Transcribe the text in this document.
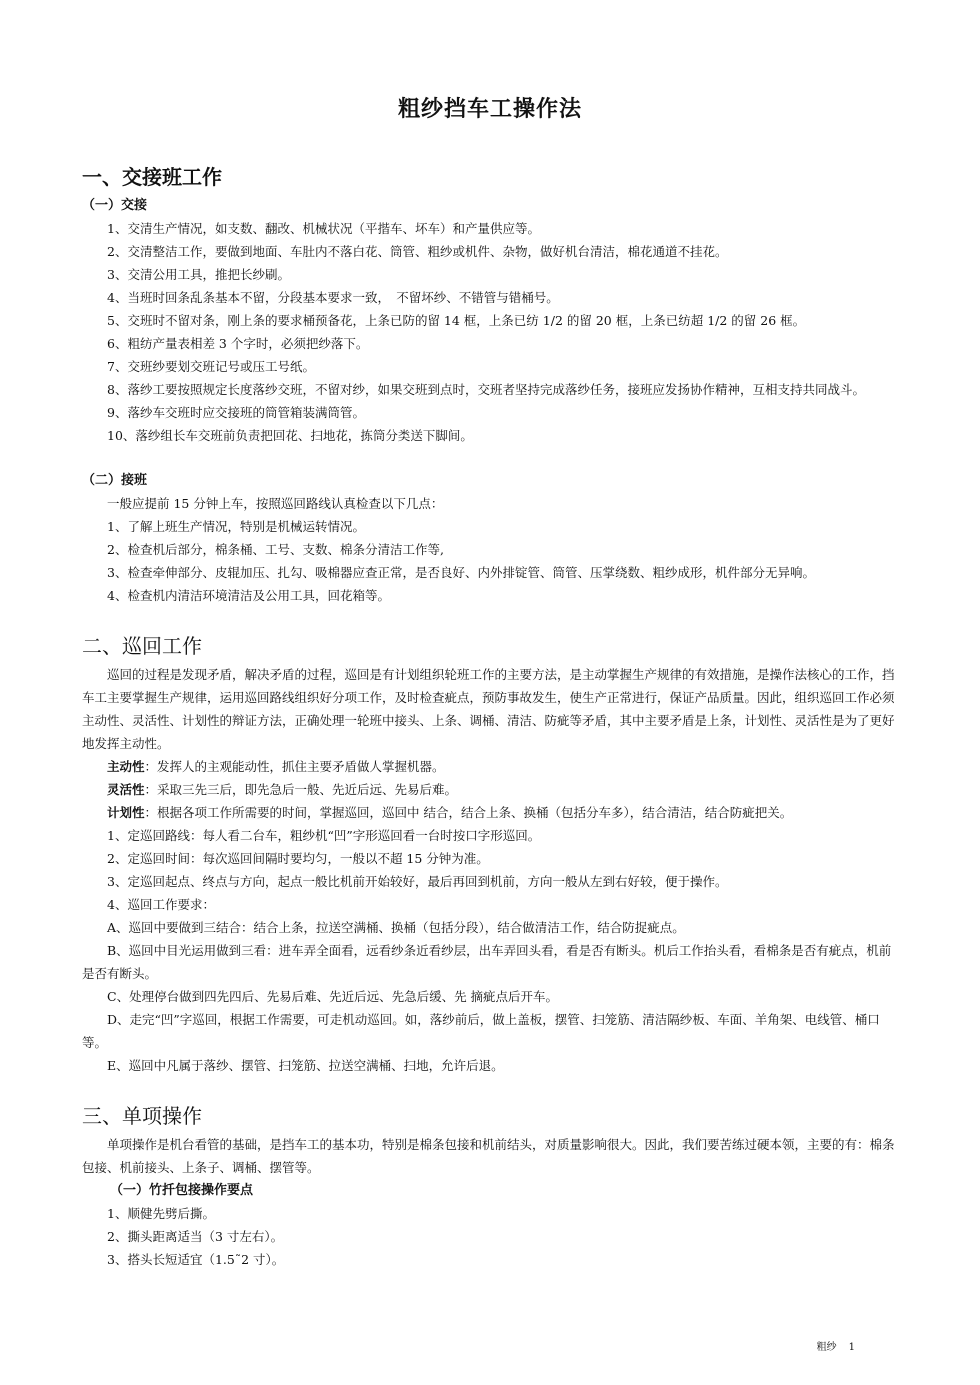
粗纱挡车工操作法
一、交接班工作
（一）交接

1、交清生产情况，如支数、翻改、机械状况（平揩车、坏车）和产量供应等。

2、交清整洁工作，要做到地面、车肚内不落白花、筒管、粗纱或机件、杂物，做好机台清洁，棉花通道不挂花。

3、交清公用工具，推把长纱刷。

4、当班时回条乱条基本不留，分段基本要求一致，　不留坏纱、不错管与错桶号。

5、交班时不留对条，刚上条的要求桶预备花，上条已防的留 14 框，上条已纺 1/2 的留 20 框，上条已纺超 1/2 的留 26 框。

6、粗纺产量表相差 3 个字时，必须把纱落下。

7、交班纱要划交班记号或压工号纸。

8、落纱工要按照规定长度落纱交班，不留对纱，如果交班到点时，交班者坚持完成落纱任务，接班应发扬协作精神，互相支持共同战斗。

9、落纱车交班时应交接班的筒管箱装满筒管。

10、落纱组长车交班前负责把回花、扫地花，拣筒分类送下脚间。

（二）接班

一般应提前 15 分钟上车，按照巡回路线认真检查以下几点：

1、了解上班生产情况，特别是机械运转情况。

2、检查机后部分，棉条桶、工号、支数、棉条分清洁工作等,

3、检查牵伸部分、皮辊加压、扎勾、吸棉器应查正常，是否良好、内外排锭管、筒管、压掌绕数、粗纱成形，机件部分无异响。

4、检查机内清洁环境清洁及公用工具，回花箱等。

二、巡回工作

巡回的过程是发现矛盾，解决矛盾的过程，巡回是有计划组织轮班工作的主要方法，是主动掌握生产规律的有效措施，是操作法核心的工作，挡车工主要掌握生产规律，运用巡回路线组织好分项工作，及时检查疵点，预防事故发生，使生产正常进行，保证产品质量。因此，组织巡回工作必须主动性、灵活性、计划性的辩证方法，正确处理一轮班中接头、上条、调桶、清洁、防疵等矛盾，其中主要矛盾是上条，计划性、灵活性是为了更好地发挥主动性。

主动性：发挥人的主观能动性，抓住主要矛盾做人掌握机器。

灵活性：采取三先三后，即先急后一般、先近后远、先易后难。

计划性：根据各项工作所需要的时间，掌握巡回，巡回中 结合，结合上条、换桶（包括分车多），结合清洁，结合防疵把关。

1、定巡回路线：每人看二台车，粗纱机“凹”字形巡回看一台时按口字形巡回。

2、定巡回时间：每次巡回间隔时要均匀，一般以不超 15 分钟为准。

3、定巡回起点、终点与方向，起点一般比机前开始较好，最后再回到机前，方向一般从左到右好较，便于操作。

4、巡回工作要求：

A、巡回中要做到三结合：结合上条，拉送空满桶、换桶（包括分段），结合做清洁工作，结合防捉疵点。

B、巡回中目光运用做到三看：进车弄全面看，远看纱条近看纱层，出车弄回头看，看是否有断头。机后工作抬头看，看棉条是否有疵点，机前是否有断头。

C、处理停台做到四先四后、先易后难、先近后远、先急后缓、先 摘疵点后开车。

D、走完“凹”字巡回，根据工作需要，可走机动巡回。如，落纱前后，做上盖板，摆管、扫笼筋、清洁隔纱板、车面、羊角架、电线管、桶口等。

E、巡回中凡属于落纱、摆管、扫笼筋、拉送空满桶、扫地，允许后退。

三、单项操作

单项操作是机台看管的基础，是挡车工的基本功，特别是棉条包接和机前结头，对质量影响很大。因此，我们要苦练过硬本领，主要的有：棉条包接、机前接头、上条子、调桶、摆管等。

（一）竹扦包接操作要点

1、顺健先劈后撕。

2、撕头距离适当（3 寸左右）。

3、搭头长短适宜（1.5˜2 寸）。

粗纱 1
